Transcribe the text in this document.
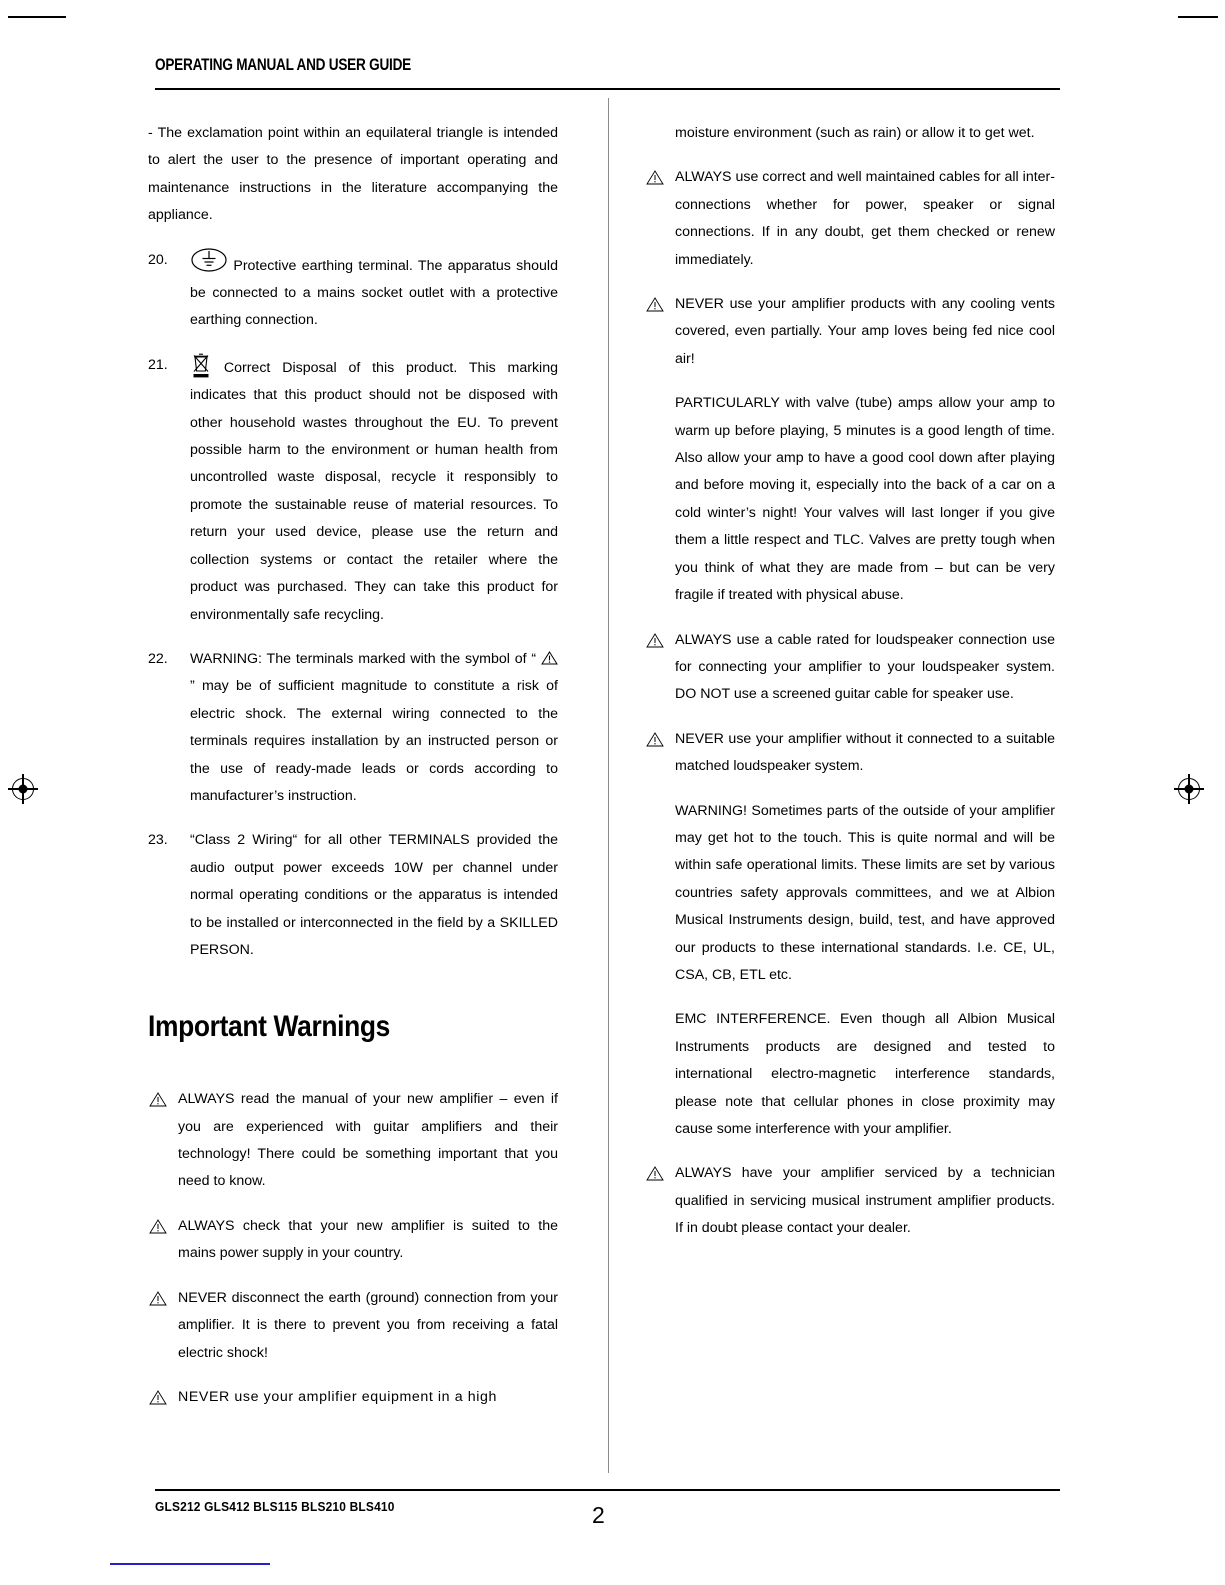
OPERATING MANUAL AND USER GUIDE
- The exclamation point within an equilateral triangle is intended to alert the user to the presence of important operating and maintenance instructions in the literature accompanying the appliance.
20.	Protective earthing terminal. The apparatus should be connected to a mains socket outlet with a protective earthing connection.
21.	Correct Disposal of this product. This marking indicates that this product should not be disposed with other household wastes throughout the EU. To prevent possible harm to the environment or human health from uncontrolled waste disposal, recycle it responsibly to promote the sustainable reuse of material resources. To return your used device, please use the return and collection systems or contact the retailer where the product was purchased. They can take this product for environmentally safe recycling.
22.	WARNING: The terminals marked with the symbol of “  ” may be of sufficient magnitude to constitute a risk of electric shock. The external wiring connected to the terminals requires installation by an instructed person or the use of ready-made leads or cords according to manufacturer’s instruction.
23.	“Class 2 Wiring“ for all other TERMINALS provided the audio output power exceeds 10W per channel under normal operating conditions or the apparatus is intended to be installed or interconnected in the field by a SKILLED PERSON.
Important Warnings
ALWAYS read the manual of your new amplifier – even if you are experienced with guitar amplifiers and their technology! There could be something important that you need to know.
ALWAYS check that your new amplifier is suited to the mains power supply in your country.
NEVER disconnect the earth (ground) connection from your amplifier. It is there to prevent you from receiving a fatal electric shock!
NEVER use your amplifier equipment in a high
moisture environment (such as rain) or allow it to get wet.
ALWAYS use correct and well maintained cables for all inter-connections whether for power, speaker or signal connections. If in any doubt, get them checked or renew immediately.
NEVER use your amplifier products with any cooling vents covered, even partially. Your amp loves being fed nice cool air!
PARTICULARLY with valve (tube) amps allow your amp to warm up before playing, 5 minutes is a good length of time. Also allow your amp to have a good cool down after playing and before moving it, especially into the back of a car on a cold winter’s night! Your valves will last longer if you give them a little respect and TLC. Valves are pretty tough when you think of what they are made from – but can be very fragile if treated with physical abuse.
ALWAYS use a cable rated for loudspeaker connection use for connecting your amplifier to your loudspeaker system. DO NOT use a screened guitar cable for speaker use.
NEVER use your amplifier without it connected to a suitable matched loudspeaker system.
WARNING! Sometimes parts of the outside of your amplifier may get hot to the touch. This is quite normal and will be within safe operational limits. These limits are set by various countries safety approvals committees, and we at Albion Musical Instruments design, build, test, and have approved our products to these international standards. I.e. CE, UL, CSA, CB, ETL etc.
EMC INTERFERENCE. Even though all Albion Musical Instruments products are designed and tested to international electro-magnetic interference standards, please note that cellular phones in close proximity may cause some interference with your amplifier.
ALWAYS have your amplifier serviced by a technician qualified in servicing musical instrument amplifier products. If in doubt please contact your dealer.
GLS212 GLS412 BLS115 BLS210 BLS410	2
